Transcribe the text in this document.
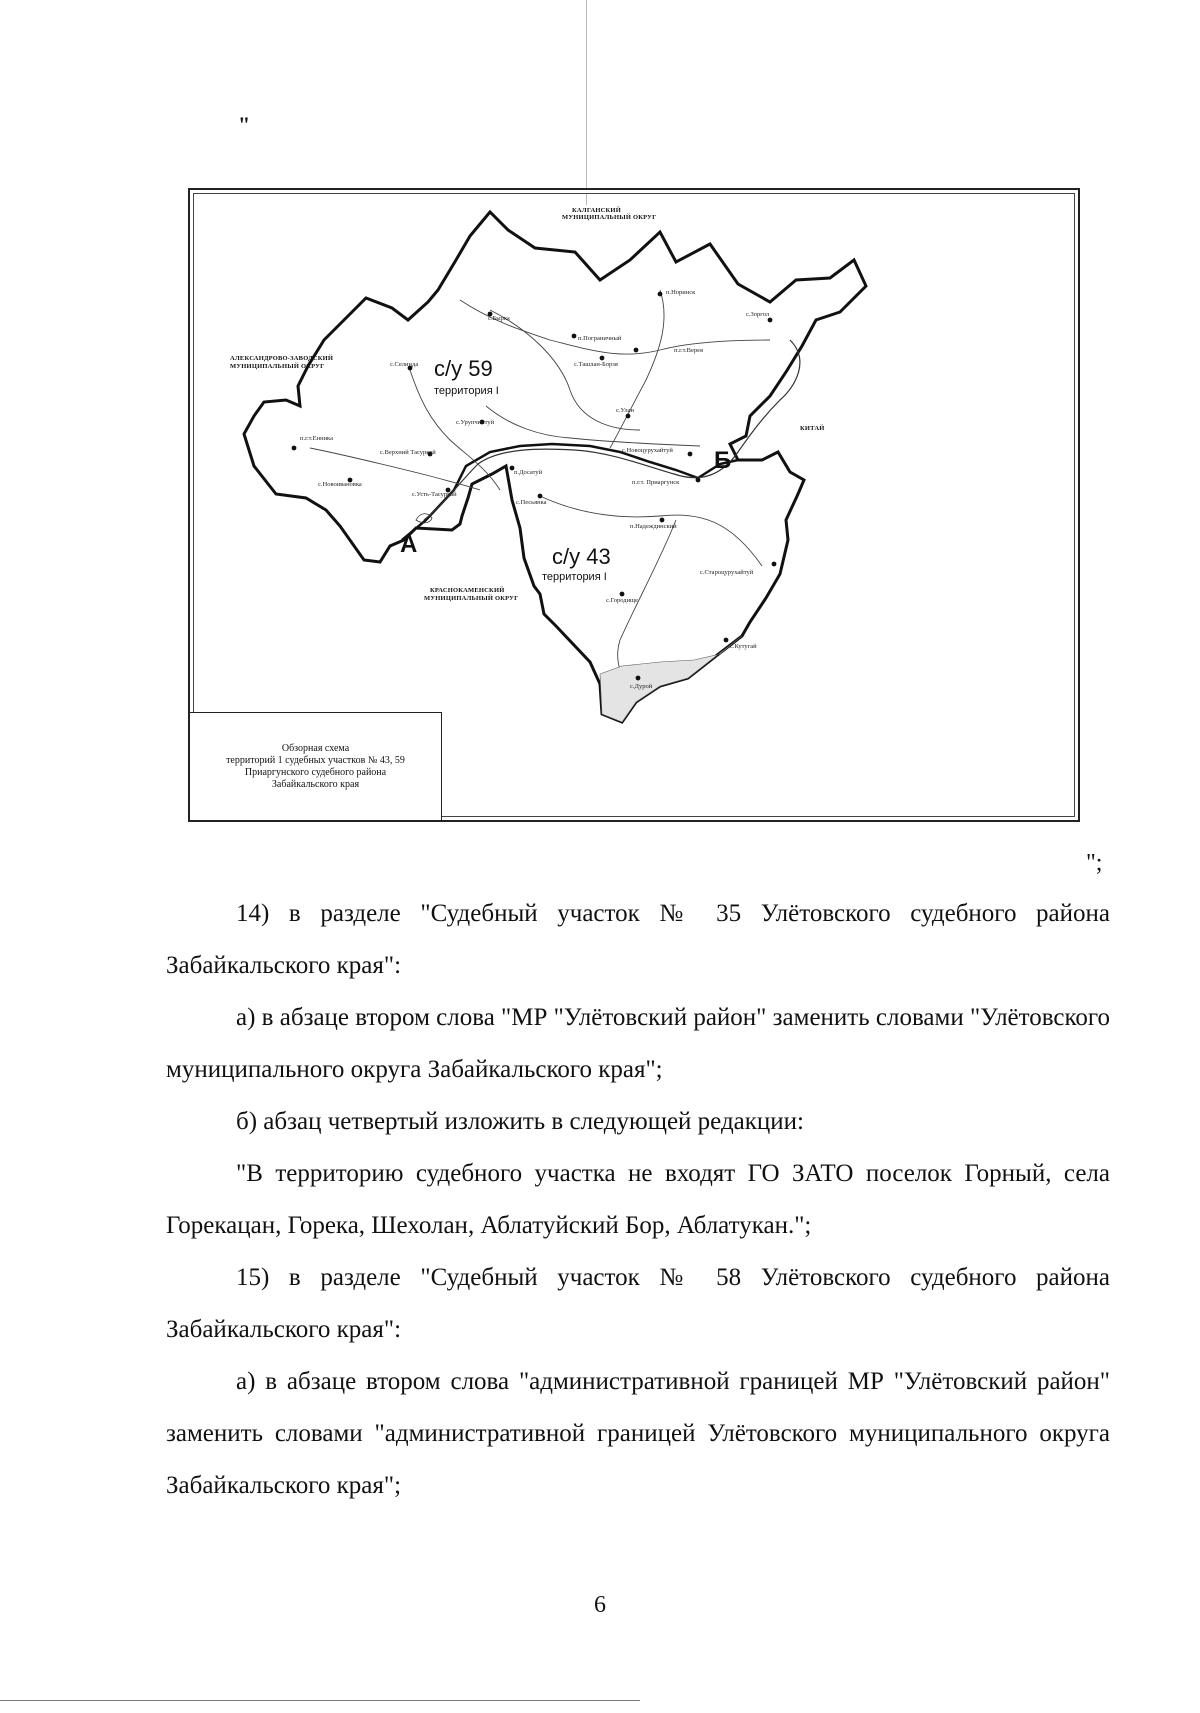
"
КАЛГАНСКИЙ
МУНИЦИПАЛЬНЫЙ ОКРУГ
АЛЕКСАНДРОВО-ЗАВОДСКИЙ
МУНИЦИПАЛЬНЫЙ ОКРУГ
КРАСНОКАМЕНСКИЙ
МУНИЦИПАЛЬНЫЙ ОКРУГ
КИТАЙ
с/у 59
территория I
с/у 43
территория I
А
Б
п.Норинск
с.Зоргол
с.Бырка
п.Пограничный
п.г.т.Верея
с.Селинда	с.Ташлан-Борзя
с.Улан
с.Урупчинтуй
п.г.т.Енника
с.Верхний Тасуркай	с.Новоцурухайтуй
п.г.т. Приаргунск
с.Новоивановка
с.Усть-Тасуркай
п.Досатуй
с.Песьянка
п.Надеждинский
с.Староцурухайтуй
с.Городище
с.Кутугай
с.Дурой
Обзорная схема
территорий 1 судебных участков № 43, 59
Приаргунского судебного района
Забайкальского края
";

14) в разделе "Судебный участок № 35 Улётовского судебного района Забайкальского края":

а) в абзаце втором слова "МР "Улётовский район" заменить словами "Улётовского муниципального округа Забайкальского края";

б) абзац четвертый изложить в следующей редакции:

"В территорию судебного участка не входят ГО ЗАТО поселок Горный, села Горекацан, Горека, Шехолан, Аблатуйский Бор, Аблатукан.";

15) в разделе "Судебный участок № 58 Улётовского судебного района Забайкальского края":

а) в абзаце втором слова "административной границей МР "Улётовский район" заменить словами "административной границей Улётовского муниципального округа Забайкальского края";

6
